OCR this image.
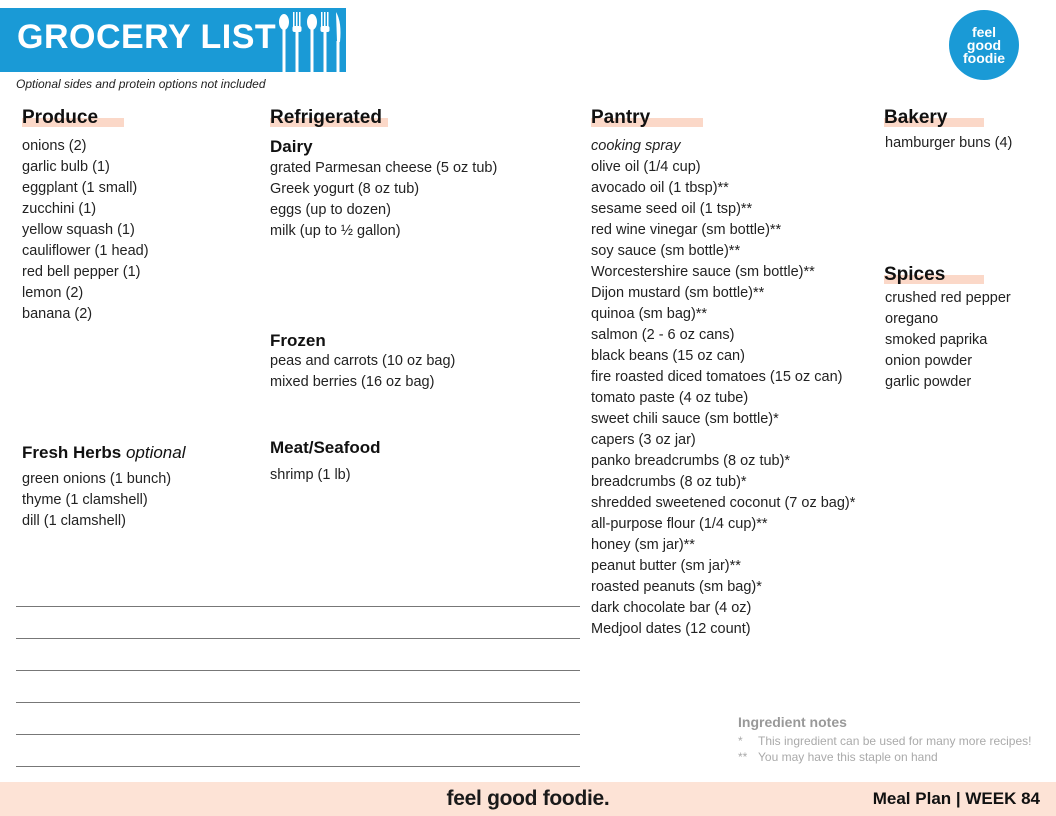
GROCERY LIST
Optional sides and protein options not included
feel
good
foodie
Produce
onions (2)
garlic bulb (1)
eggplant (1 small)
zucchini (1)
yellow squash (1)
cauliflower (1 head)
red bell pepper (1)
lemon (2)
banana (2)
Fresh Herbs optional
green onions (1 bunch)
thyme (1 clamshell)
dill (1 clamshell)
Refrigerated
Dairy
grated Parmesan cheese (5 oz tub)
Greek yogurt (8 oz tub)
eggs (up to dozen)
milk (up to ½ gallon)
Frozen
peas and carrots (10 oz bag)
mixed berries (16 oz bag)
Meat/Seafood
shrimp (1 lb)
Pantry
cooking spray
olive oil (1/4 cup)
avocado oil (1 tbsp)**
sesame seed oil (1 tsp)**
red wine vinegar (sm bottle)**
soy sauce (sm bottle)**
Worcestershire sauce (sm bottle)**
Dijon mustard (sm bottle)**
quinoa (sm bag)**
salmon (2 - 6 oz cans)
black beans (15 oz can)
fire roasted diced tomatoes (15 oz can)
tomato paste (4 oz tube)
sweet chili sauce (sm bottle)*
capers (3 oz jar)
panko breadcrumbs (8 oz tub)*
breadcrumbs (8 oz tub)*
shredded sweetened coconut (7 oz bag)*
all-purpose flour (1/4 cup)**
honey (sm jar)**
peanut butter (sm jar)**
roasted peanuts (sm bag)*
dark chocolate bar (4 oz)
Medjool dates (12 count)
Bakery
hamburger buns (4)
Spices
crushed red pepper
oregano
smoked paprika
onion powder
garlic powder
Ingredient notes
* This ingredient can be used for many more recipes!
** You may have this staple on hand
feel good foodie.	Meal Plan | WEEK 84
